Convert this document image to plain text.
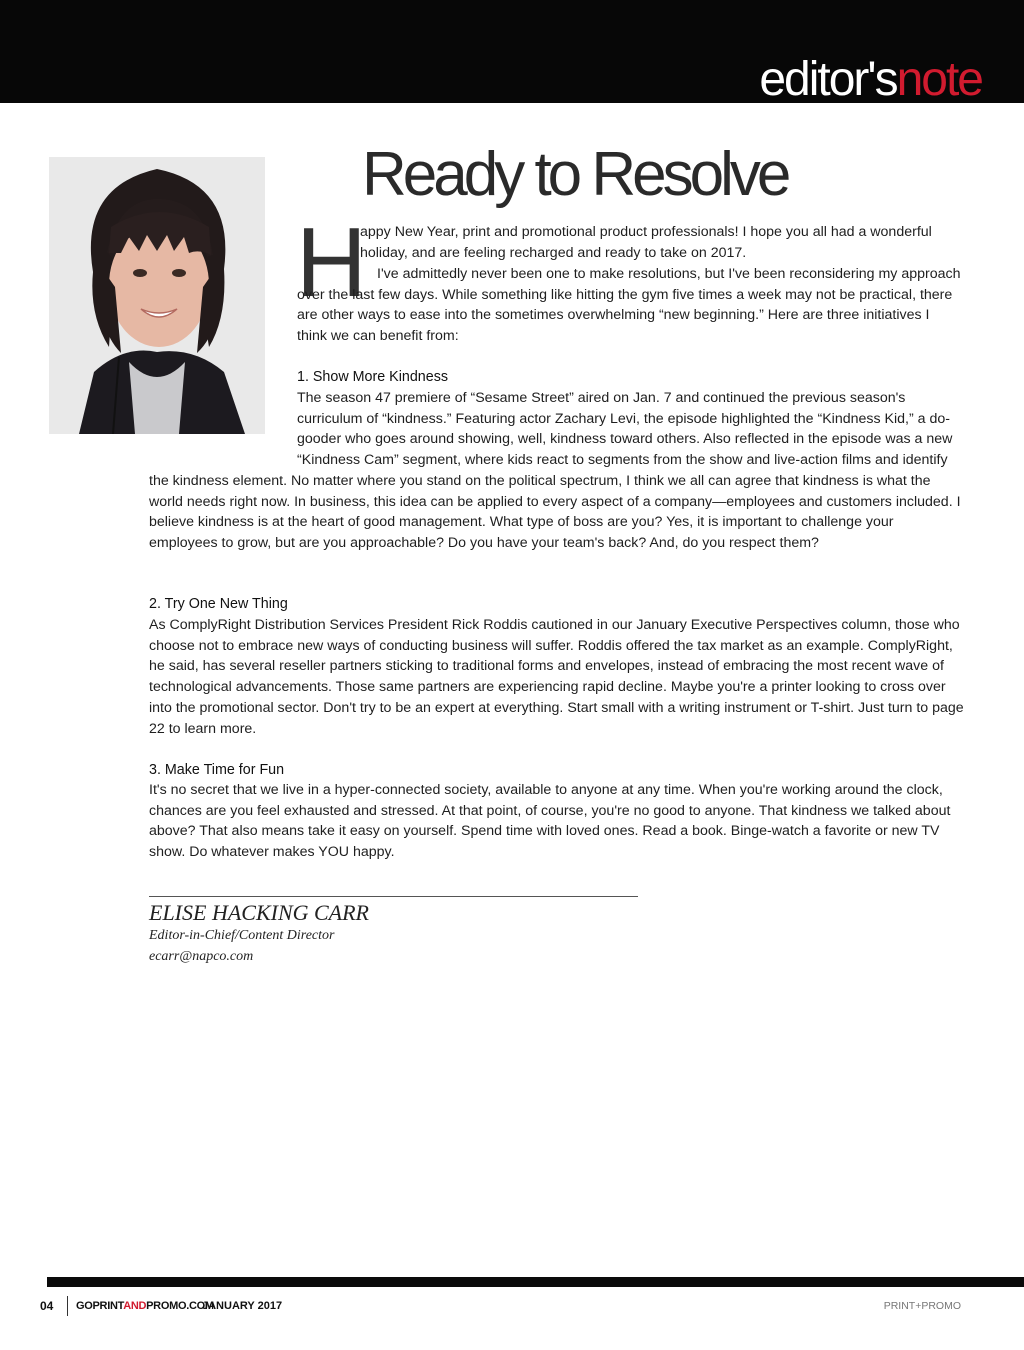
editor'snote
Ready to Resolve
H

appy New Year, print and promotional product professionals! I hope you all had a wonderful holiday, and are feeling recharged and ready to take on 2017.

I've admittedly never been one to make resolutions, but I've been reconsidering my approach over the last few days. While something like hitting the gym five times a week may not be practical, there are other ways to ease into the sometimes overwhelming “new beginning.” Here are three initiatives I think we can benefit from:

1. Show More Kindness
The season 47 premiere of “Sesame Street” aired on Jan. 7 and continued the previous season's curriculum of “kindness.” Featuring actor Zachary Levi, the episode highlighted the “Kindness Kid,” a do-gooder who goes around showing, well, kindness toward others. Also reflected in the episode was a new “Kindness Cam” segment, where kids react to segments from the show and live-action films and identify the kindness element. No matter where you stand on the political spectrum, I think we all can agree that kindness is what the world needs right now. In business, this idea can be applied to every aspect of a company—employees and customers included. I believe kindness is at the heart of good management. What type of boss are you? Yes, it is important to challenge your employees to grow, but are you approachable? Do you have your team's back? And, do you respect them?
2. Try One New Thing

As ComplyRight Distribution Services President Rick Roddis cautioned in our January Executive Perspectives column, those who choose not to embrace new ways of conducting business will suffer. Roddis offered the tax market as an example. ComplyRight, he said, has several reseller partners sticking to traditional forms and envelopes, instead of embracing the most recent wave of technological advancements. Those same partners are experiencing rapid decline. Maybe you're a printer looking to cross over into the promotional sector. Don't try to be an expert at everything. Start small with a writing instrument or T-shirt. Just turn to page 22 to learn more.

3. Make Time for Fun

It's no secret that we live in a hyper-connected society, available to anyone at any time. When you're working around the clock, chances are you feel exhausted and stressed. At that point, of course, you're no good to anyone. That kindness we talked about above? That also means take it easy on yourself. Spend time with loved ones. Read a book. Binge-watch a favorite or new TV show. Do whatever makes YOU happy.

ELISE HACKING CARR
Editor-in-Chief/Content Director
ecarr@napco.com
04 GOPRINTANDPROMO.COM
JANUARY 2017	PRINT+PROMO
